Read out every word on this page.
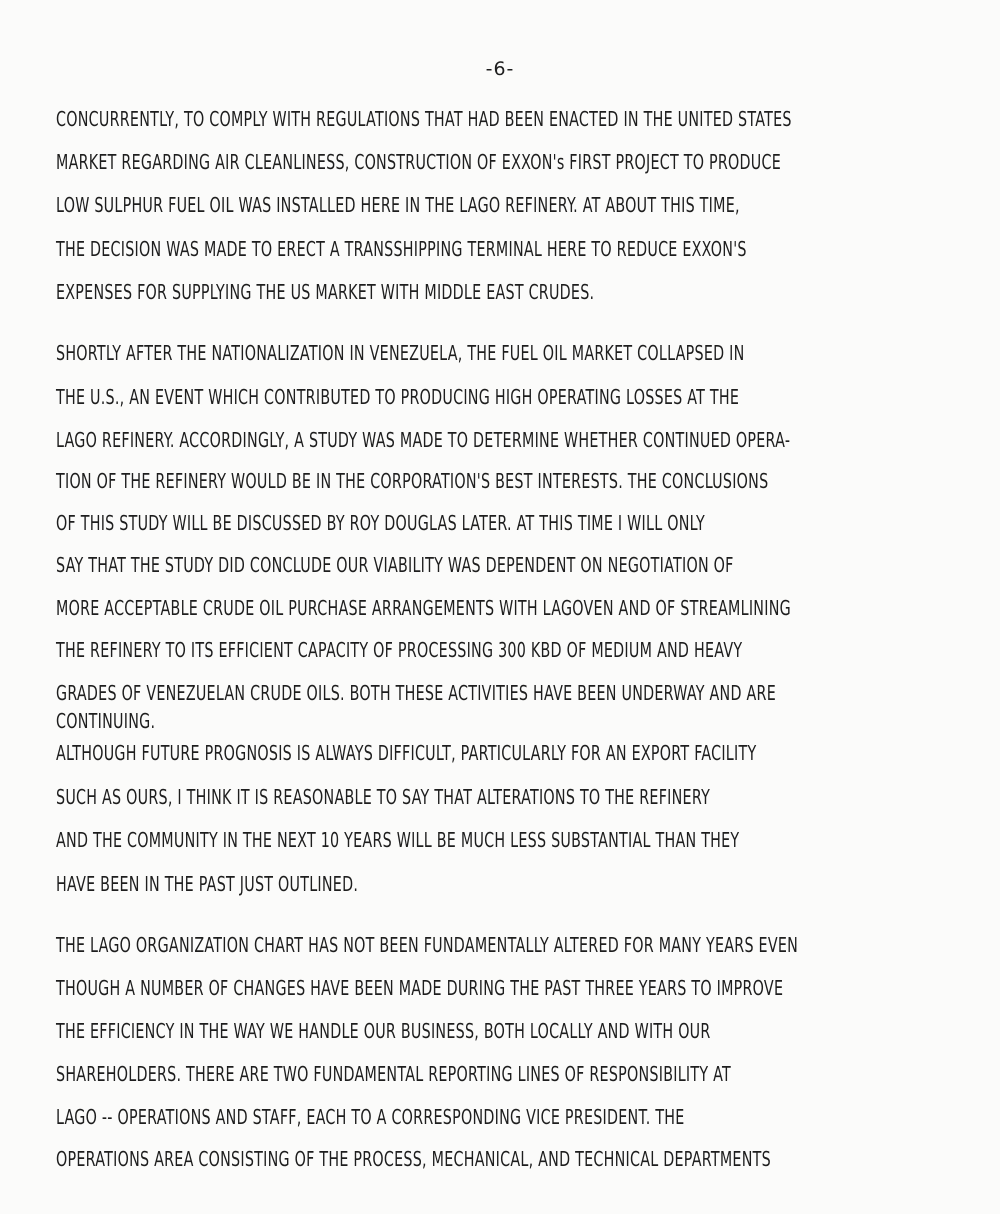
-6-
CONCURRENTLY, TO COMPLY WITH REGULATIONS THAT HAD BEEN ENACTED IN THE UNITED STATES
MARKET REGARDING AIR CLEANLINESS, CONSTRUCTION OF EXXON's FIRST PROJECT TO PRODUCE
LOW SULPHUR FUEL OIL WAS INSTALLED HERE IN THE LAGO REFINERY. AT ABOUT THIS TIME,
THE DECISION WAS MADE TO ERECT A TRANSSHIPPING TERMINAL HERE TO REDUCE EXXON'S
EXPENSES FOR SUPPLYING THE US MARKET WITH MIDDLE EAST CRUDES.
SHORTLY AFTER THE NATIONALIZATION IN VENEZUELA, THE FUEL OIL MARKET COLLAPSED IN
THE U.S., AN EVENT WHICH CONTRIBUTED TO PRODUCING HIGH OPERATING LOSSES AT THE
LAGO REFINERY. ACCORDINGLY, A STUDY WAS MADE TO DETERMINE WHETHER CONTINUED OPERA-
TION OF THE REFINERY WOULD BE IN THE CORPORATION'S BEST INTERESTS. THE CONCLUSIONS
OF THIS STUDY WILL BE DISCUSSED BY ROY DOUGLAS LATER. AT THIS TIME I WILL ONLY
SAY THAT THE STUDY DID CONCLUDE OUR VIABILITY WAS DEPENDENT ON NEGOTIATION OF
MORE ACCEPTABLE CRUDE OIL PURCHASE ARRANGEMENTS WITH LAGOVEN AND OF STREAMLINING
THE REFINERY TO ITS EFFICIENT CAPACITY OF PROCESSING 300 KBD OF MEDIUM AND HEAVY
GRADES OF VENEZUELAN CRUDE OILS. BOTH THESE ACTIVITIES HAVE BEEN UNDERWAY AND ARE
CONTINUING.
ALTHOUGH FUTURE PROGNOSIS IS ALWAYS DIFFICULT, PARTICULARLY FOR AN EXPORT FACILITY
SUCH AS OURS, I THINK IT IS REASONABLE TO SAY THAT ALTERATIONS TO THE REFINERY
AND THE COMMUNITY IN THE NEXT 10 YEARS WILL BE MUCH LESS SUBSTANTIAL THAN THEY
HAVE BEEN IN THE PAST JUST OUTLINED.
THE LAGO ORGANIZATION CHART HAS NOT BEEN FUNDAMENTALLY ALTERED FOR MANY YEARS EVEN
THOUGH A NUMBER OF CHANGES HAVE BEEN MADE DURING THE PAST THREE YEARS TO IMPROVE
THE EFFICIENCY IN THE WAY WE HANDLE OUR BUSINESS, BOTH LOCALLY AND WITH OUR
SHAREHOLDERS. THERE ARE TWO FUNDAMENTAL REPORTING LINES OF RESPONSIBILITY AT
LAGO -- OPERATIONS AND STAFF, EACH TO A CORRESPONDING VICE PRESIDENT. THE
OPERATIONS AREA CONSISTING OF THE PROCESS, MECHANICAL, AND TECHNICAL DEPARTMENTS
